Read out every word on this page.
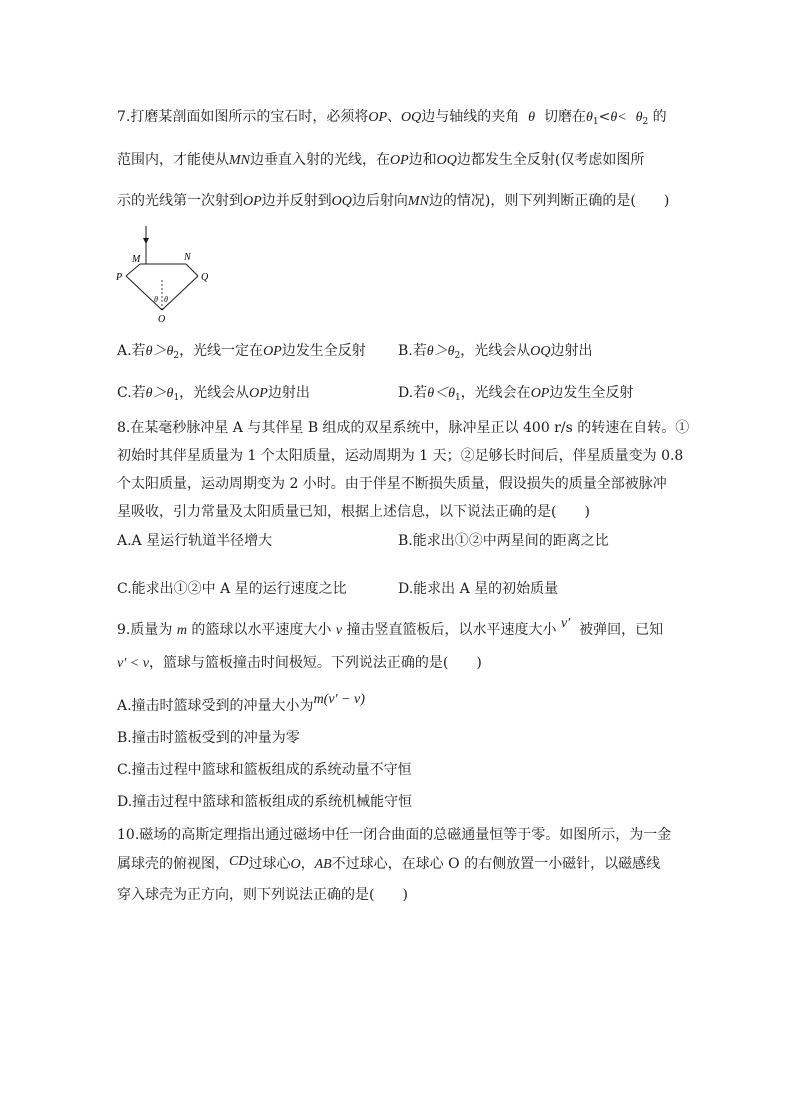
7.打磨某剖面如图所示的宝石时，必须将OP、OQ边与轴线的夹角 θ 切磨在$\theta_1<\theta< \theta_2$ 的
范围内，才能使从MN边垂直入射的光线，在OP边和OQ边都发生全反射(仅考虑如图所
示的光线第一次射到OP边并反射到OQ边后射向MN边的情况)，则下列判断正确的是(　　)
M	N
P	Q
O
θ θ
A.若$\theta>\theta_2$，光线一定在OP边发生全反射 B.若$\theta>\theta_2$，光线会从OQ边射出
C.若$\theta>\theta_1$，光线会从OP边射出	D.若$\theta<\theta_1$，光线会在OP边发生全反射
8.在某毫秒脉冲星 A 与其伴星 B 组成的双星系统中，脉冲星正以 400 r/s 的转速在自转。①
初始时其伴星质量为 1 个太阳质量，运动周期为 1 天；②足够长时间后，伴星质量变为 0.8
个太阳质量，运动周期变为 2 小时。由于伴星不断损失质量，假设损失的质量全部被脉冲
星吸收，引力常量及太阳质量已知，根据上述信息，以下说法正确的是(　　)
A.A 星运行轨道半径增大	B.能求出①②中两星间的距离之比
C.能求出①②中 A 星的运行速度之比	D.能求出 A 星的初始质量
9.质量为 m 的篮球以水平速度大小 v 撞击竖直篮板后，以水平速度大小 v′ 被弹回，已知
v′ < v，篮球与篮板撞击时间极短。下列说法正确的是(　　)
A.撞击时篮球受到的冲量大小为m(v′ − v)
B.撞击时篮板受到的冲量为零
C.撞击过程中篮球和篮板组成的系统动量不守恒
D.撞击过程中篮球和篮板组成的系统机械能守恒
10.磁场的高斯定理指出通过磁场中任一闭合曲面的总磁通量恒等于零。如图所示，为一金
属球壳的俯视图，CD过球心O，AB不过球心，在球心 O 的右侧放置一小磁针，以磁感线
穿入球壳为正方向，则下列说法正确的是(　　)
